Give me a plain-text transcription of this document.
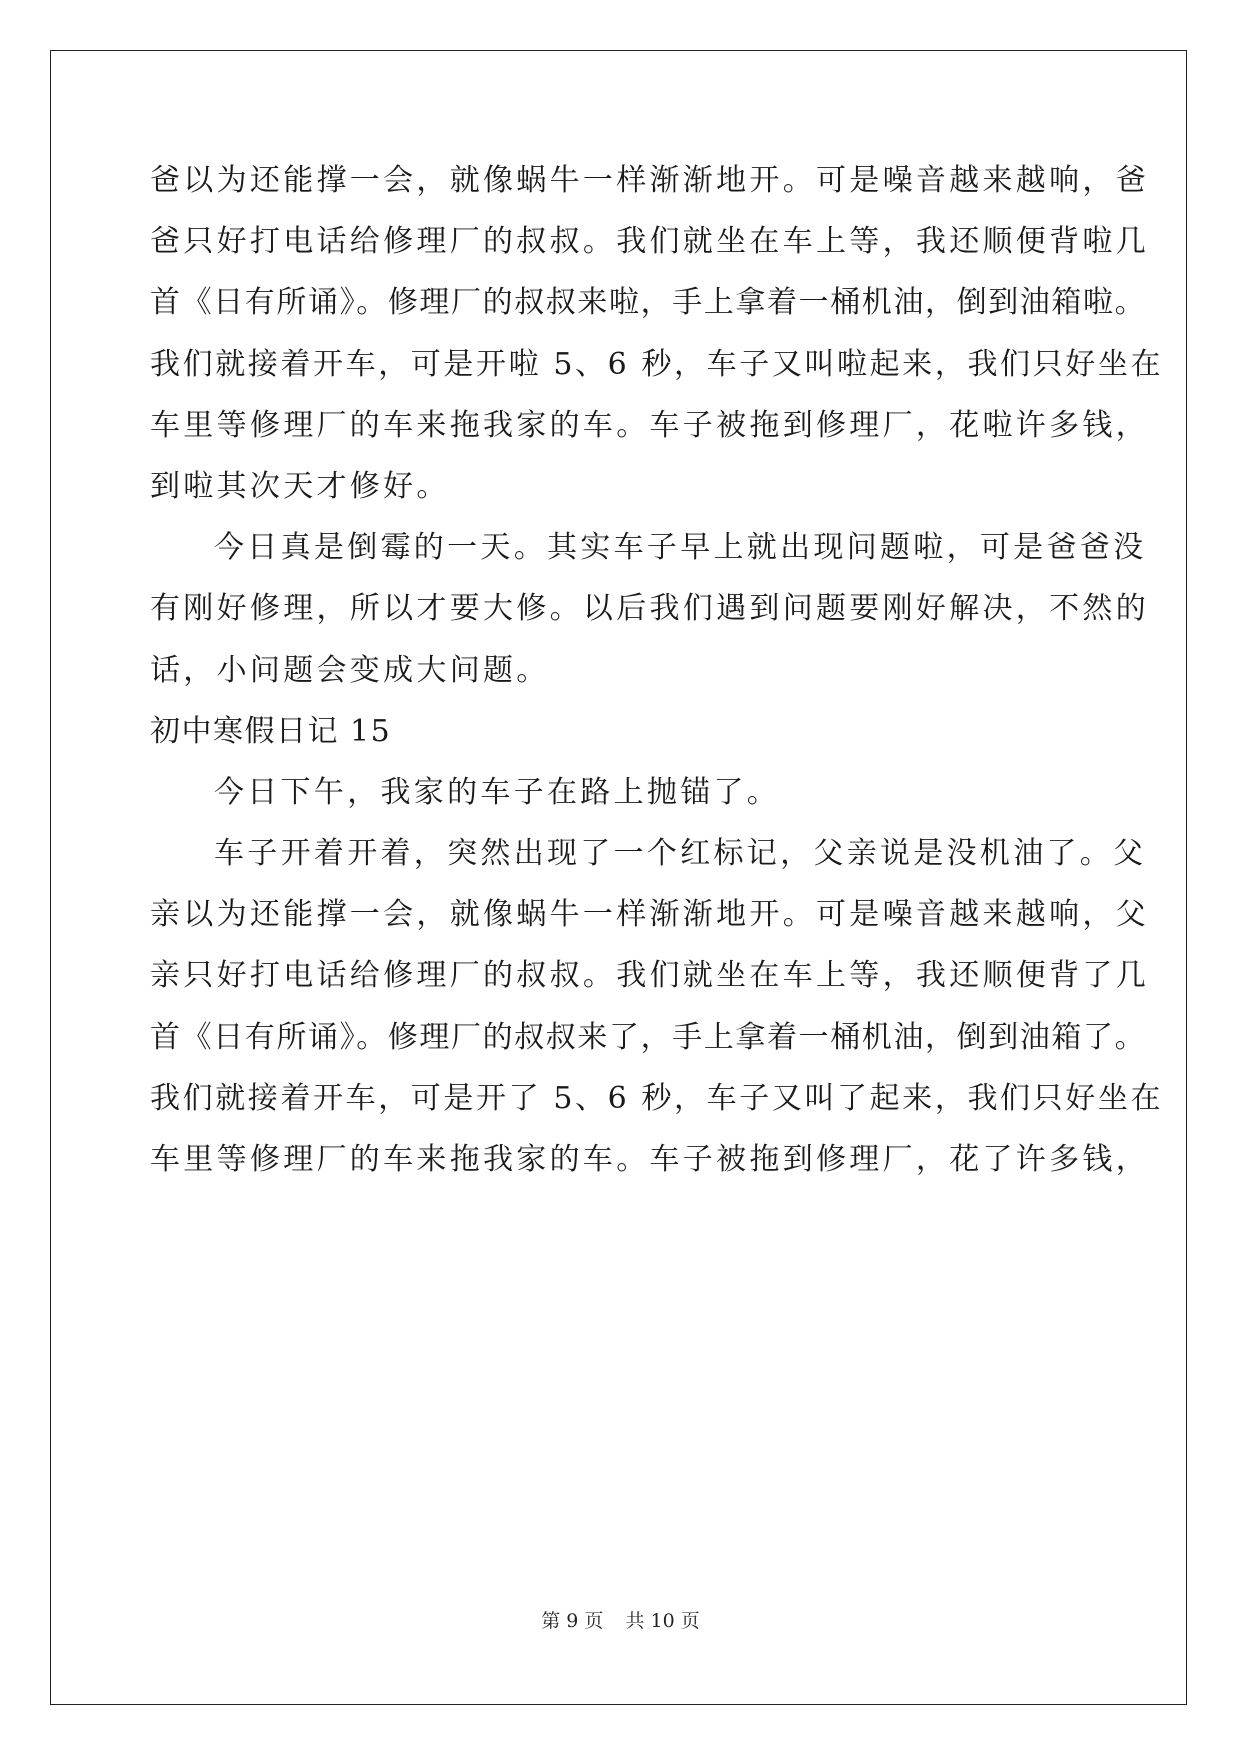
爸以为还能撑一会，就像蜗牛一样渐渐地开。可是噪音越来越响，爸
爸只好打电话给修理厂的叔叔。我们就坐在车上等，我还顺便背啦几
首《日有所诵》。修理厂的叔叔来啦，手上拿着一桶机油，倒到油箱啦。
我们就接着开车，可是开啦 5、6 秒，车子又叫啦起来，我们只好坐在
车里等修理厂的车来拖我家的车。车子被拖到修理厂，花啦许多钱，
到啦其次天才修好。
今日真是倒霉的一天。其实车子早上就出现问题啦，可是爸爸没
有刚好修理，所以才要大修。以后我们遇到问题要刚好解决，不然的
话，小问题会变成大问题。
初中寒假日记 15
今日下午，我家的车子在路上抛锚了。
车子开着开着，突然出现了一个红标记，父亲说是没机油了。父
亲以为还能撑一会，就像蜗牛一样渐渐地开。可是噪音越来越响，父
亲只好打电话给修理厂的叔叔。我们就坐在车上等，我还顺便背了几
首《日有所诵》。修理厂的叔叔来了，手上拿着一桶机油，倒到油箱了。
我们就接着开车，可是开了 5、6 秒，车子又叫了起来，我们只好坐在
车里等修理厂的车来拖我家的车。车子被拖到修理厂，花了许多钱，
第 9 页 共 10 页
